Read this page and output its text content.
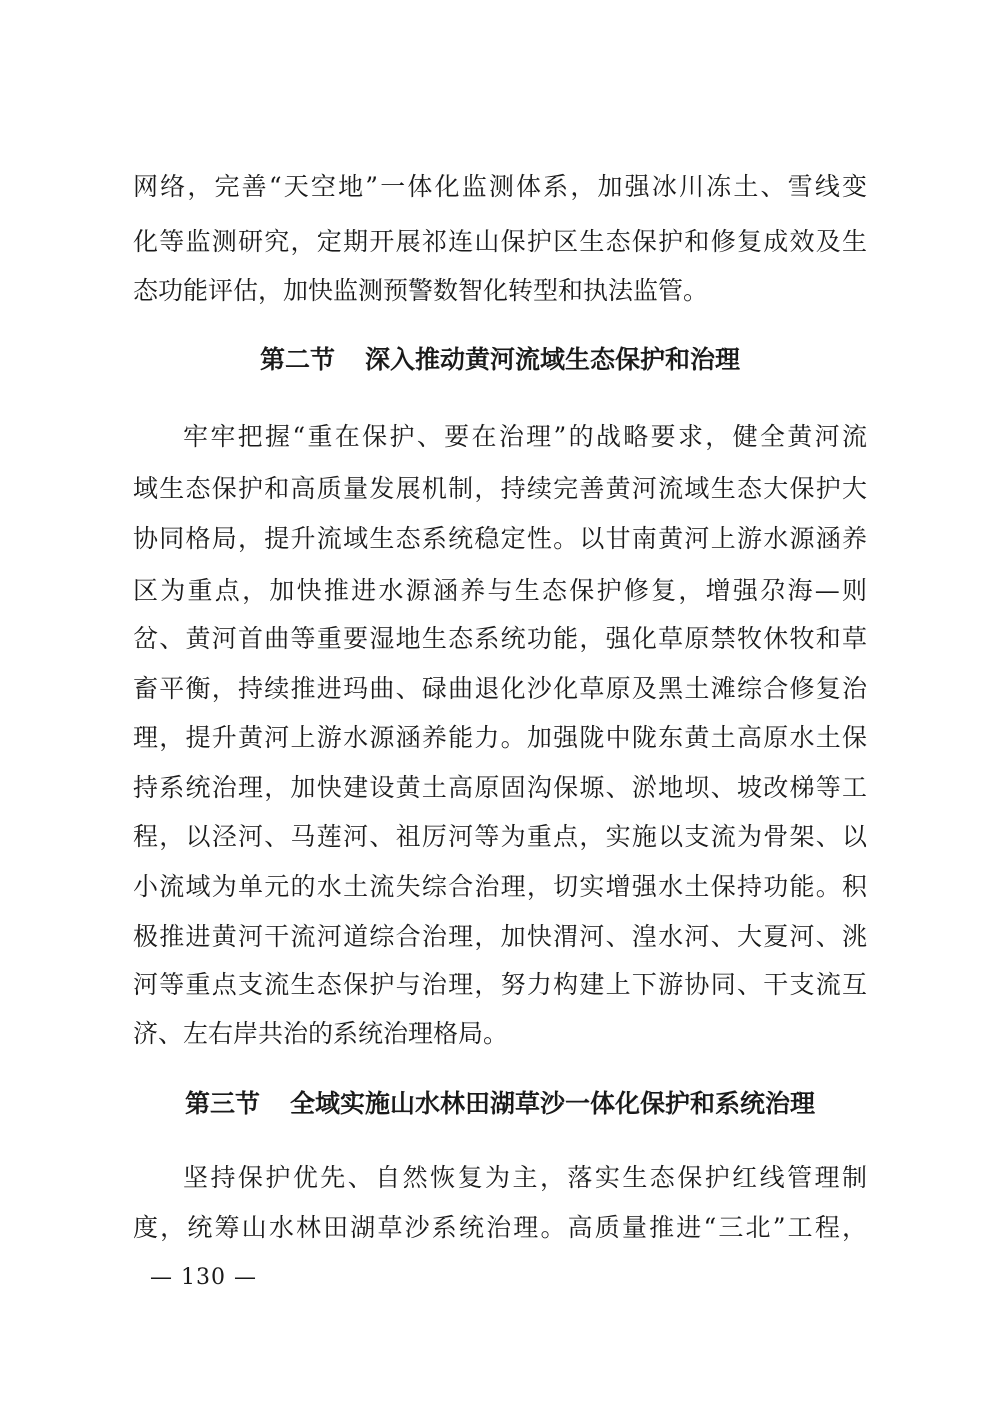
网络，完善“天空地”一体化监测体系，加强冰川冻土、雪线变
化等监测研究，定期开展祁连山保护区生态保护和修复成效及生
态功能评估，加快监测预警数智化转型和执法监管。
第二节 深入推动黄河流域生态保护和治理
牢牢把握“重在保护、要在治理”的战略要求，健全黄河流
域生态保护和高质量发展机制，持续完善黄河流域生态大保护大
协同格局，提升流域生态系统稳定性。以甘南黄河上游水源涵养
区为重点，加快推进水源涵养与生态保护修复，增强尕海—则
岔、黄河首曲等重要湿地生态系统功能，强化草原禁牧休牧和草
畜平衡，持续推进玛曲、碌曲退化沙化草原及黑土滩综合修复治
理，提升黄河上游水源涵养能力。加强陇中陇东黄土高原水土保
持系统治理，加快建设黄土高原固沟保塬、淤地坝、坡改梯等工
程，以泾河、马莲河、祖厉河等为重点，实施以支流为骨架、以
小流域为单元的水土流失综合治理，切实增强水土保持功能。积
极推进黄河干流河道综合治理，加快渭河、湟水河、大夏河、洮
河等重点支流生态保护与治理，努力构建上下游协同、干支流互
济、左右岸共治的系统治理格局。
第三节 全域实施山水林田湖草沙一体化保护和系统治理
坚持保护优先、自然恢复为主，落实生态保护红线管理制
度，统筹山水林田湖草沙系统治理。高质量推进“三北”工程，
— 130 —
